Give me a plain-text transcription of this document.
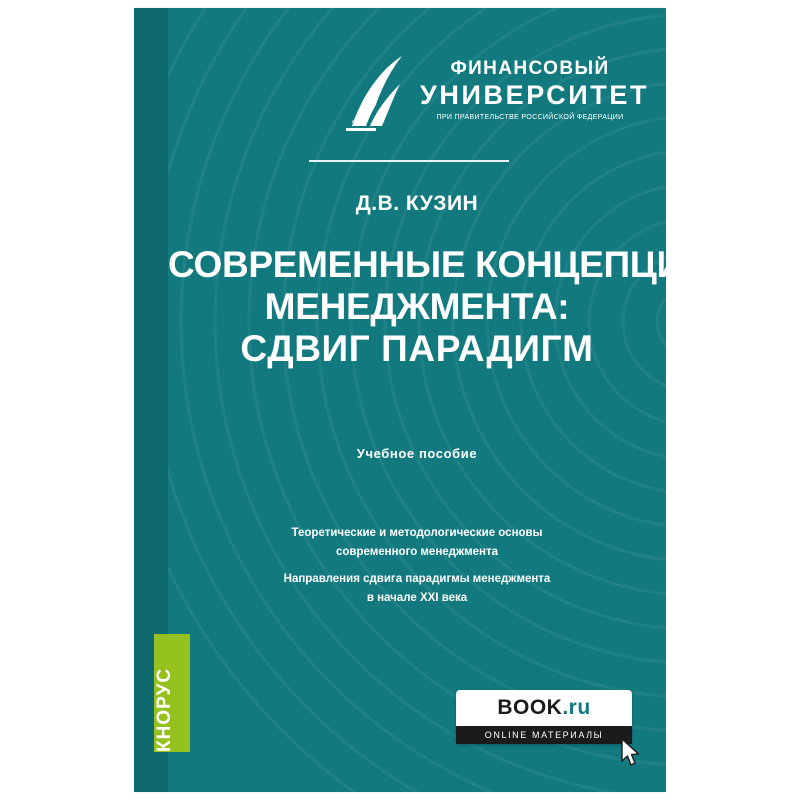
ФА
ФИНАНСОВЫЙ
УНИВЕРСИТЕТ
ПРИ ПРАВИТЕЛЬСТВЕ РОССИЙСКОЙ ФЕДЕРАЦИИ
Д.В. КУЗИН
СОВРЕМЕННЫЕ КОНЦЕПЦИИ
МЕНЕДЖМЕНТА:
СДВИГ ПАРАДИГМ
Учебное пособие
Теоретические и методологические основы
современного менеджмента
Направления сдвига парадигмы менеджмента
в начале XXI века
КНОРУС	BOOK.ru
ONLINE МАТЕРИАЛЫ
